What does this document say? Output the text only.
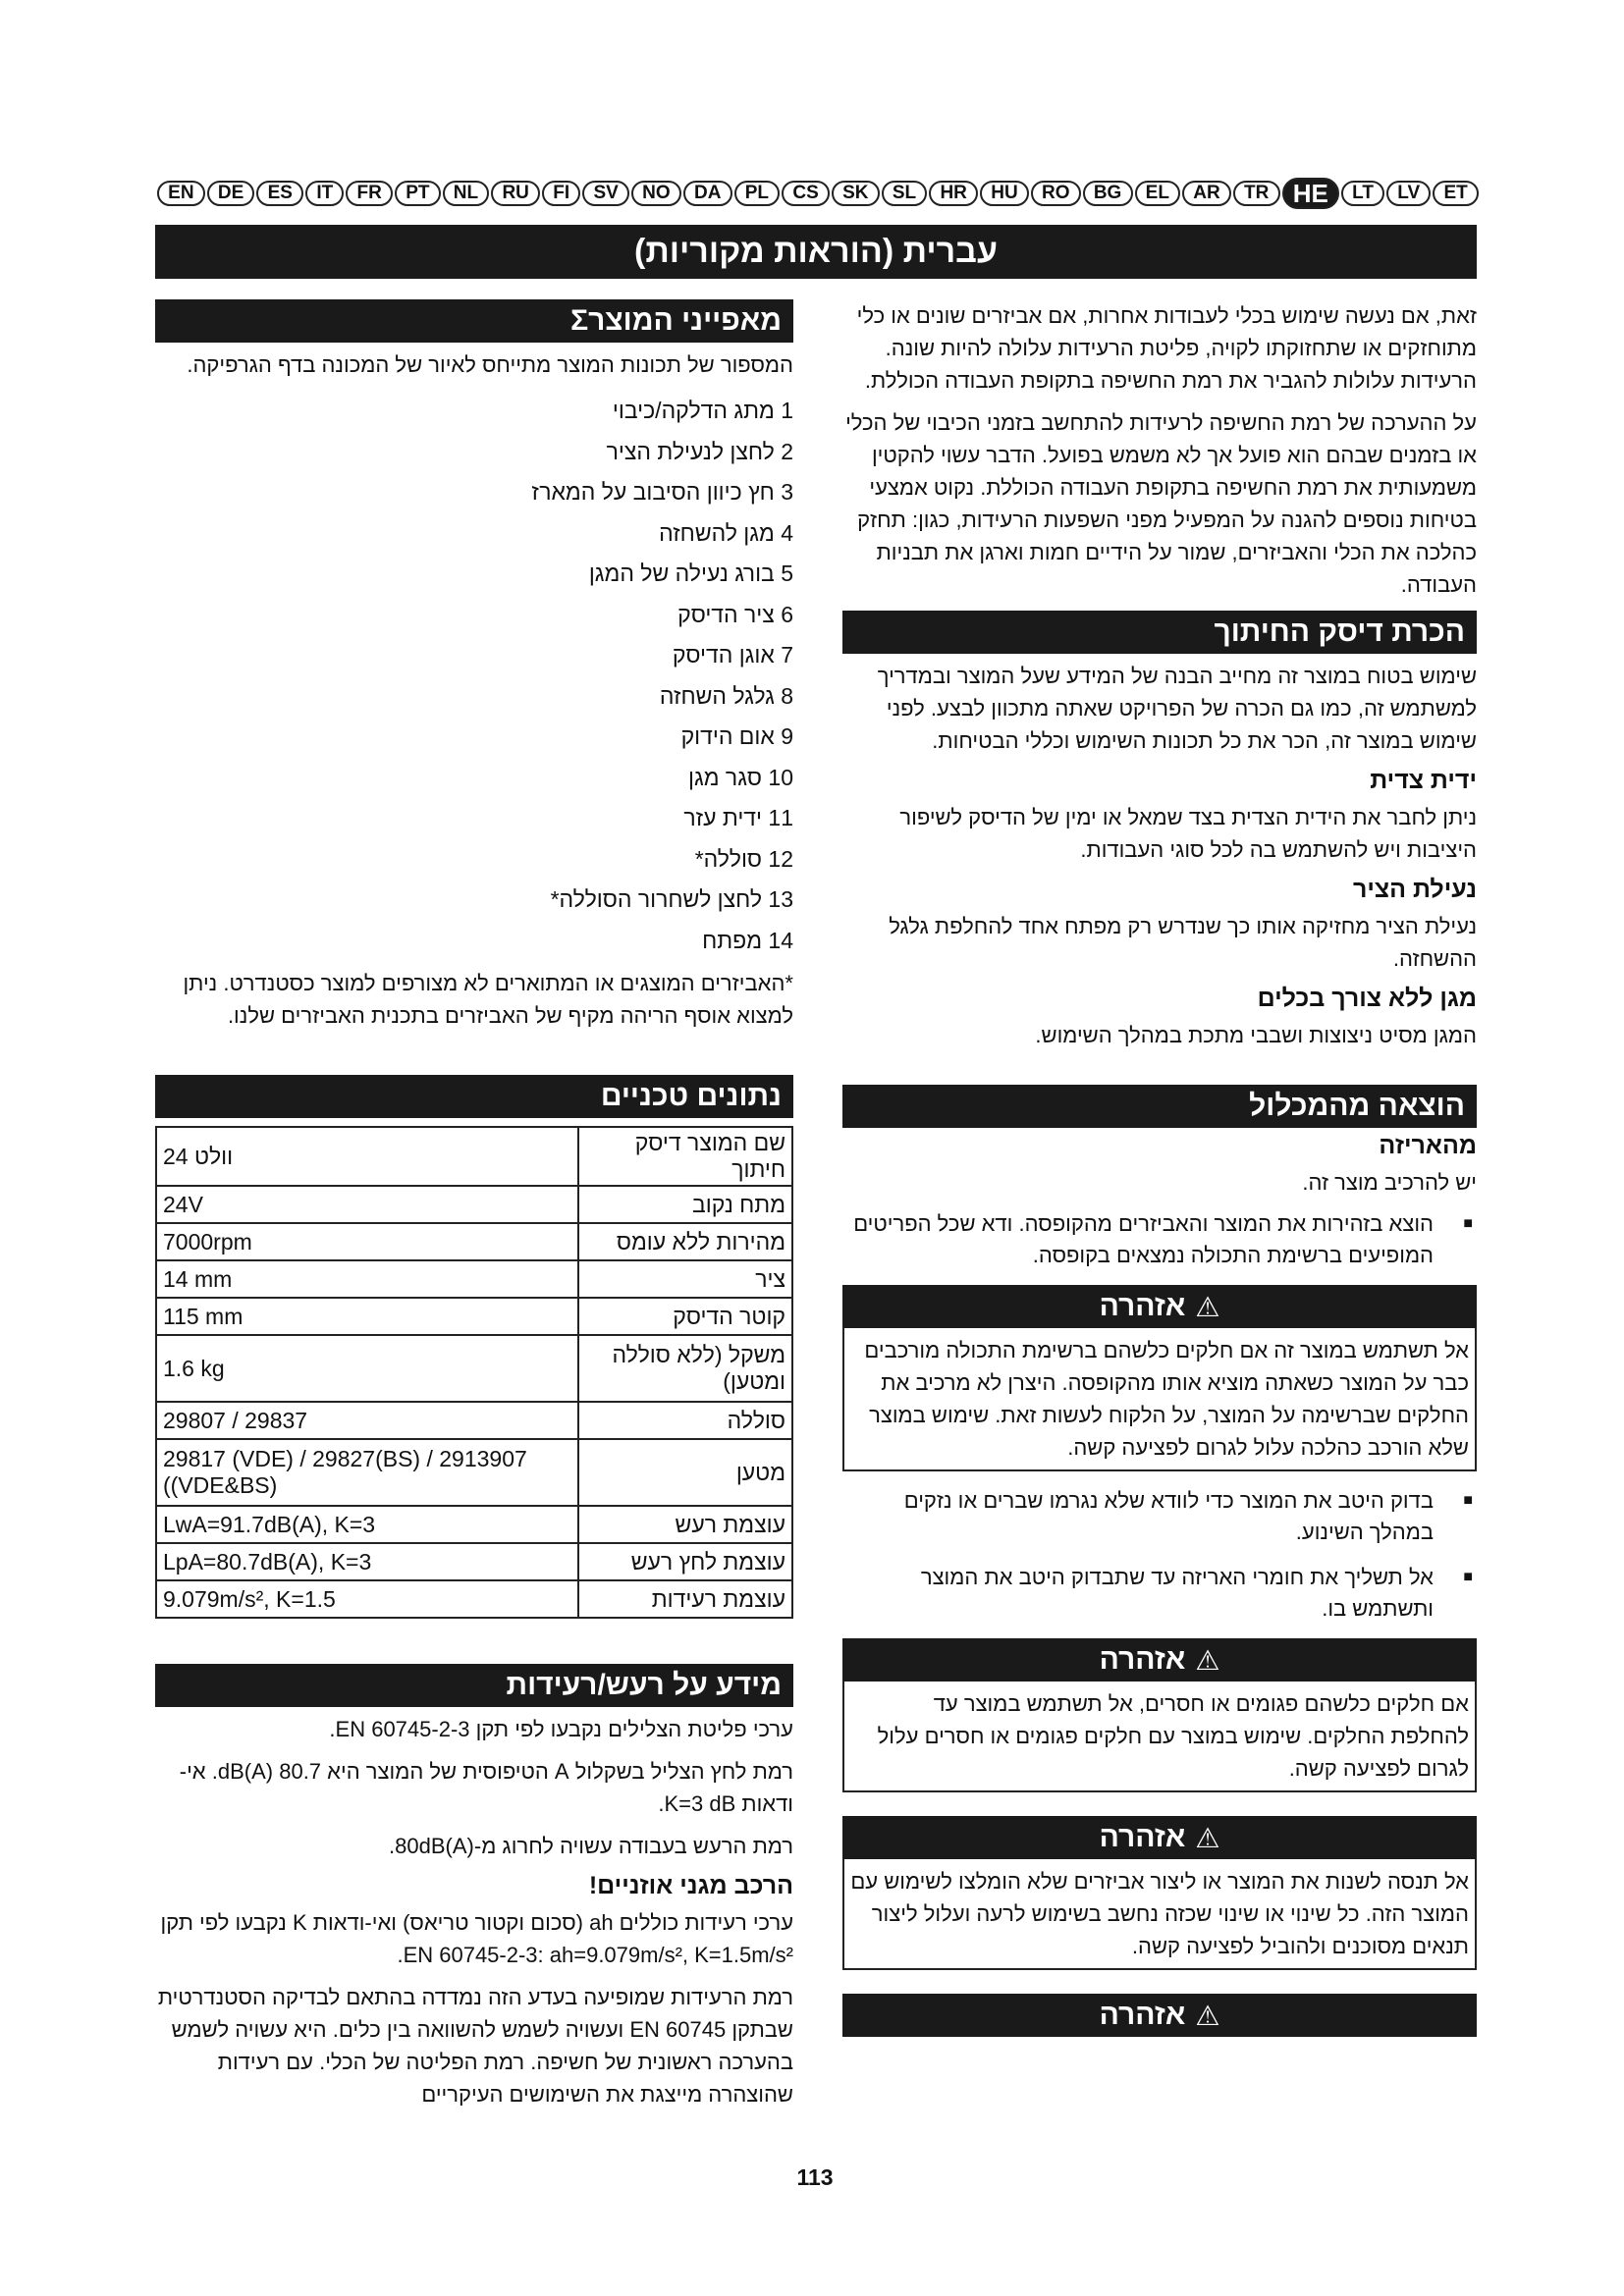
EN	DE	ES	IT	FR	PT	NL	RU	FI	SV	NO	DA	PL	CS	SK	SL	HR	HU	RO	BG	EL	AR	TR HE	LT	LV	ET
עברית (הוראות מקוריות)
מאפייני המוצרΣ
המספור של תכונות המוצר מתייחס לאיור של המכונה בדף הגרפיקה.
1 מתג הדלקה/כיבוי
2 לחצן לנעילת הציר
3 חץ כיוון הסיבוב על המארז
4 מגן להשחזה
5 בורג נעילה של המגן
6 ציר הדיסק
7 אוגן הדיסק
8 גלגל השחזה
9 אום הידוק
10 סגר מגן
11 ידית עזר
12 סוללה*
13 לחצן לשחרור הסוללה*
14 מפתח
*האביזרים המוצגים או המתוארים לא מצורפים למוצר כסטנדרט. ניתן למצוא אוסף הריהה מקיף של האביזרים בתכנית האביזרים שלנו.
נתונים טכניים
שם המוצר דיסק חיתוך	24 וולט
מתח נקוב	24V
מהירות ללא עומס	7000rpm
ציר	14 mm
קוטר הדיסק	115 mm
משקל (ללא סוללה ומטען)	1.6 kg
סוללה	29807 / 29837
מטען	29817 (VDE) / 29827(BS) / 2913907 ((VDE&BS)
עוצמת רעש	LwA=91.7dB(A), K=3
עוצמת לחץ רעש	LpA=80.7dB(A), K=3
עוצמת רעידות	9.079m/s², K=1.5
מידע על רעש/רעידות
ערכי פליטת הצלילים נקבעו לפי תקן EN 60745-2-3.
רמת לחץ הצליל בשקלול A הטיפוסית של המוצר היא 80.7 dB(A). אי- ודאות K=3 dB.
רמת הרעש בעבודה עשויה לחרוג מ-80dB(A).
הרכב מגני אוזניים!
ערכי רעידות כוללים ah (סכום וקטור טריאס) ואי-ודאות K נקבעו לפי תקן EN 60745-2-3: ah=9.079m/s², K=1.5m/s².
רמת הרעידות שמופיעה בעדע הזה נמדדה בהתאם לבדיקה הסטנדרטית שבתקן EN 60745 ועשויה לשמש להשוואה בין כלים. היא עשויה לשמש בהערכה ראשונית של חשיפה. רמת הפליטה של הכלי. עם רעידות שהוצהרה מייצגת את השימושים העיקריים
זאת, אם נעשה שימוש בכלי לעבודות אחרות, אם אביזרים שונים או כלי מתוחזקים או שתחזוקתו לקויה, פליטת הרעידות עלולה להיות שונה. הרעידות עלולות להגביר את רמת החשיפה בתקופת העבודה הכוללת.
על ההערכה של רמת החשיפה לרעידות להתחשב בזמני הכיבוי של הכלי או בזמנים שבהם הוא פועל אך לא משמש בפועל. הדבר עשוי להקטין משמעותית את רמת החשיפה בתקופת העבודה הכוללת. נקוט אמצעי בטיחות נוספים להגנה על המפעיל מפני השפעות הרעידות, כגון: תחזק כהלכה את הכלי והאביזרים, שמור על הידיים חמות וארגן את תבניות העבודה.
הכרת דיסק החיתוך
שימוש בטוח במוצר זה מחייב הבנה של המידע שעל המוצר ובמדריך למשתמש זה, כמו גם הכרה של הפרויקט שאתה מתכוון לבצע. לפני שימוש במוצר זה, הכר את כל תכונות השימוש וכללי הבטיחות.
ידית צדית
ניתן לחבר את הידית הצדית בצד שמאל או ימין של הדיסק לשיפור היציבות ויש להשתמש בה לכל סוגי העבודות.
נעילת הציר
נעילת הציר מחזיקה אותו כך שנדרש רק מפתח אחד להחלפת גלגל ההשחזה.
מגן ללא צורך בכלים
המגן מסיט ניצוצות ושבבי מתכת במהלך השימוש.
הוצאה מהמכלול
מהאריזה
יש להרכיב מוצר זה.
■ הוצא בזהירות את המוצר והאביזרים מהקופסה. ודא שכל הפריטים המופיעים ברשימת התכולה נמצאים בקופסה.
⚠
אזהרה
אל תשתמש במוצר זה אם חלקים כלשהם ברשימת התכולה מורכבים כבר על המוצר כשאתה מוציא אותו מהקופסה. היצרן לא מרכיב את החלקים שברשימה על המוצר, על הלקוח לעשות זאת. שימוש במוצר שלא הורכב כהלכה עלול לגרום לפציעה קשה.
■ בדוק היטב את המוצר כדי לוודא שלא נגרמו שברים או נזקים במהלך השינוע.
■ אל תשליך את חומרי האריזה עד שתבדוק היטב את המוצר ותשתמש בו.
⚠
אזהרה
אם חלקים כלשהם פגומים או חסרים, אל תשתמש במוצר עד להחלפת החלקים. שימוש במוצר עם חלקים פגומים או חסרים עלול לגרום לפציעה קשה.
⚠
אזהרה
אל תנסה לשנות את המוצר או ליצור אביזרים שלא הומלצו לשימוש עם המוצר הזה. כל שינוי או שינוי שכזה נחשב בשימוש לרעה ועלול ליצור תנאים מסוכנים ולהוביל לפציעה קשה.
⚠
אזהרה
113
